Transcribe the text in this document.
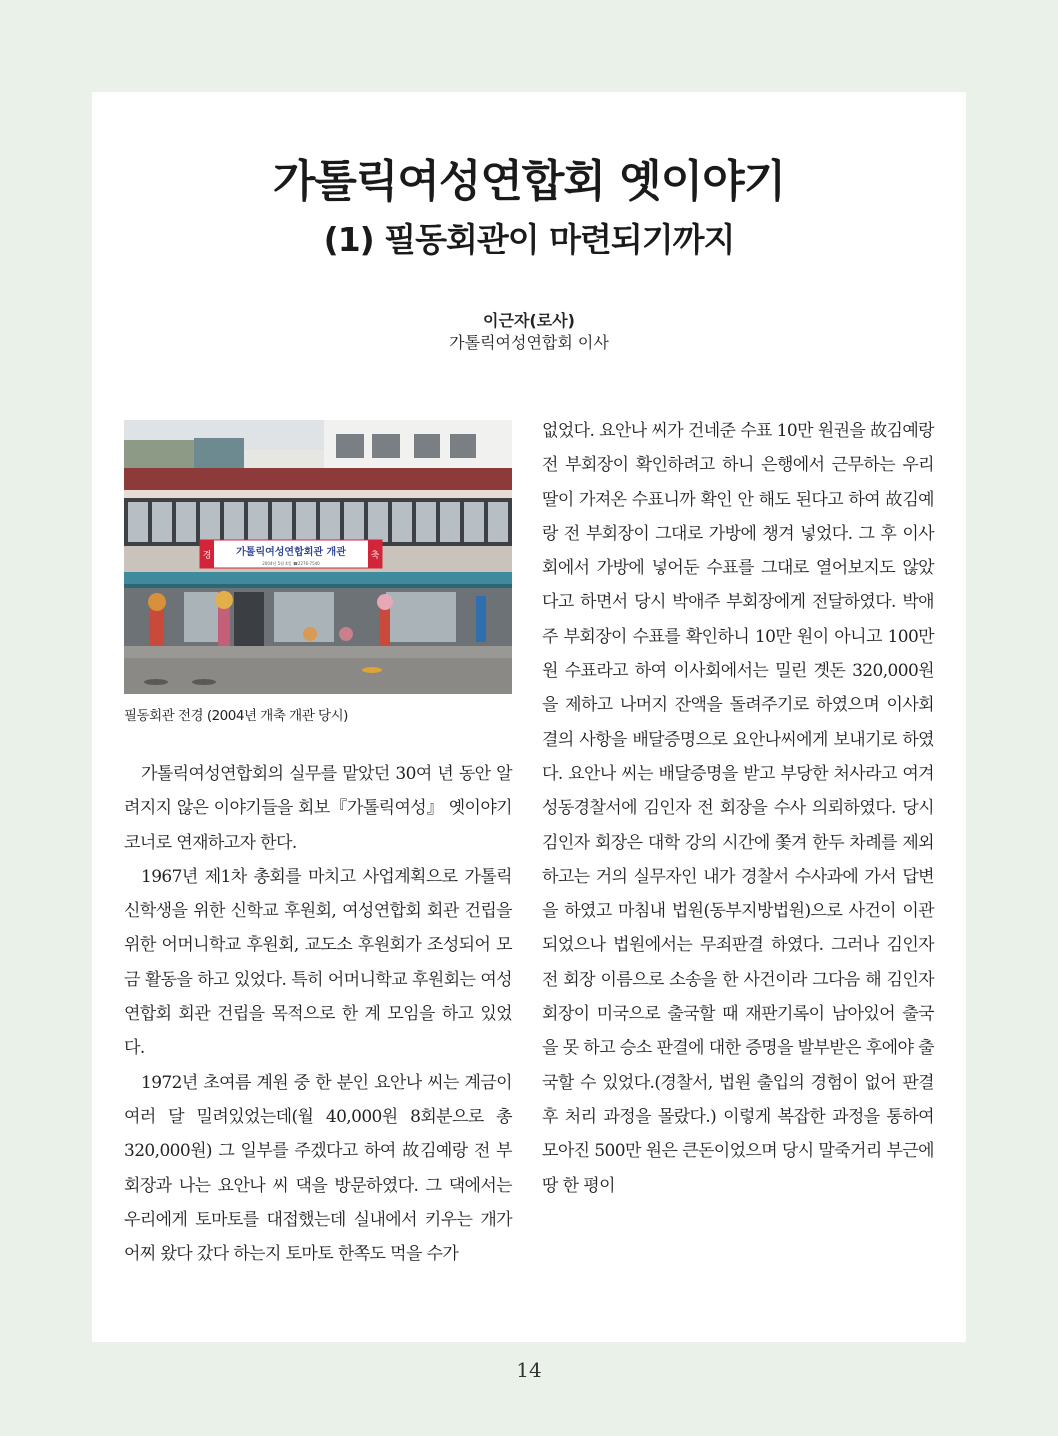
가톨릭여성연합회 옛이야기
(1) 필동회관이 마련되기까지
이근자(로사)
가톨릭여성연합회 이사
경	축
가톨릭여성연합회관 개관
2004년 5월 4일 ☎2276-7540
필동회관 전경 (2004년 개축 개관 당시)

가톨릭여성연합회의 실무를 맡았던 30여 년 동안 알려지지 않은 이야기들을 회보『가톨릭여성』 옛이야기 코너로 연재하고자 한다.

1967년 제1차 총회를 마치고 사업계획으로 가톨릭 신학생을 위한 신학교 후원회, 여성연합회 회관 건립을 위한 어머니학교 후원회, 교도소 후원회가 조성되어 모금 활동을 하고 있었다. 특히 어머니학교 후원회는 여성연합회 회관 건립을 목적으로 한 계 모임을 하고 있었다.

1972년 초여름 계원 중 한 분인 요안나 씨는 계금이 여러 달 밀려있었는데(월 40,000원 8회분으로 총 320,000원) 그 일부를 주겠다고 하여 故김예랑 전 부회장과 나는 요안나 씨 댁을 방문하였다. 그 댁에서는 우리에게 토마토를 대접했는데 실내에서 키우는 개가 어찌 왔다 갔다 하는지 토마토 한쪽도 먹을 수가

없었다. 요안나 씨가 건네준 수표 10만 원권을 故김예랑 전 부회장이 확인하려고 하니 은행에서 근무하는 우리 딸이 가져온 수표니까 확인 안 해도 된다고 하여 故김예랑 전 부회장이 그대로 가방에 챙겨 넣었다. 그 후 이사회에서 가방에 넣어둔 수표를 그대로 열어보지도 않았다고 하면서 당시 박애주 부회장에게 전달하였다. 박애주 부회장이 수표를 확인하니 10만 원이 아니고 100만 원 수표라고 하여 이사회에서는 밀린 곗돈 320,000원을 제하고 나머지 잔액을 돌려주기로 하였으며 이사회 결의 사항을 배달증명으로 요안나씨에게 보내기로 하였다. 요안나 씨는 배달증명을 받고 부당한 처사라고 여겨 성동경찰서에 김인자 전 회장을 수사 의뢰하였다. 당시 김인자 회장은 대학 강의 시간에 쫓겨 한두 차례를 제외하고는 거의 실무자인 내가 경찰서 수사과에 가서 답변을 하였고 마침내 법원(동부지방법원)으로 사건이 이관되었으나 법원에서는 무죄판결 하였다. 그러나 김인자 전 회장 이름으로 소송을 한 사건이라 그다음 해 김인자 회장이 미국으로 출국할 때 재판기록이 남아있어 출국을 못 하고 승소 판결에 대한 증명을 발부받은 후에야 출국할 수 있었다.(경찰서, 법원 출입의 경험이 없어 판결 후 처리 과정을 몰랐다.) 이렇게 복잡한 과정을 통하여 모아진 500만 원은 큰돈이었으며 당시 말죽거리 부근에 땅 한 평이

14
